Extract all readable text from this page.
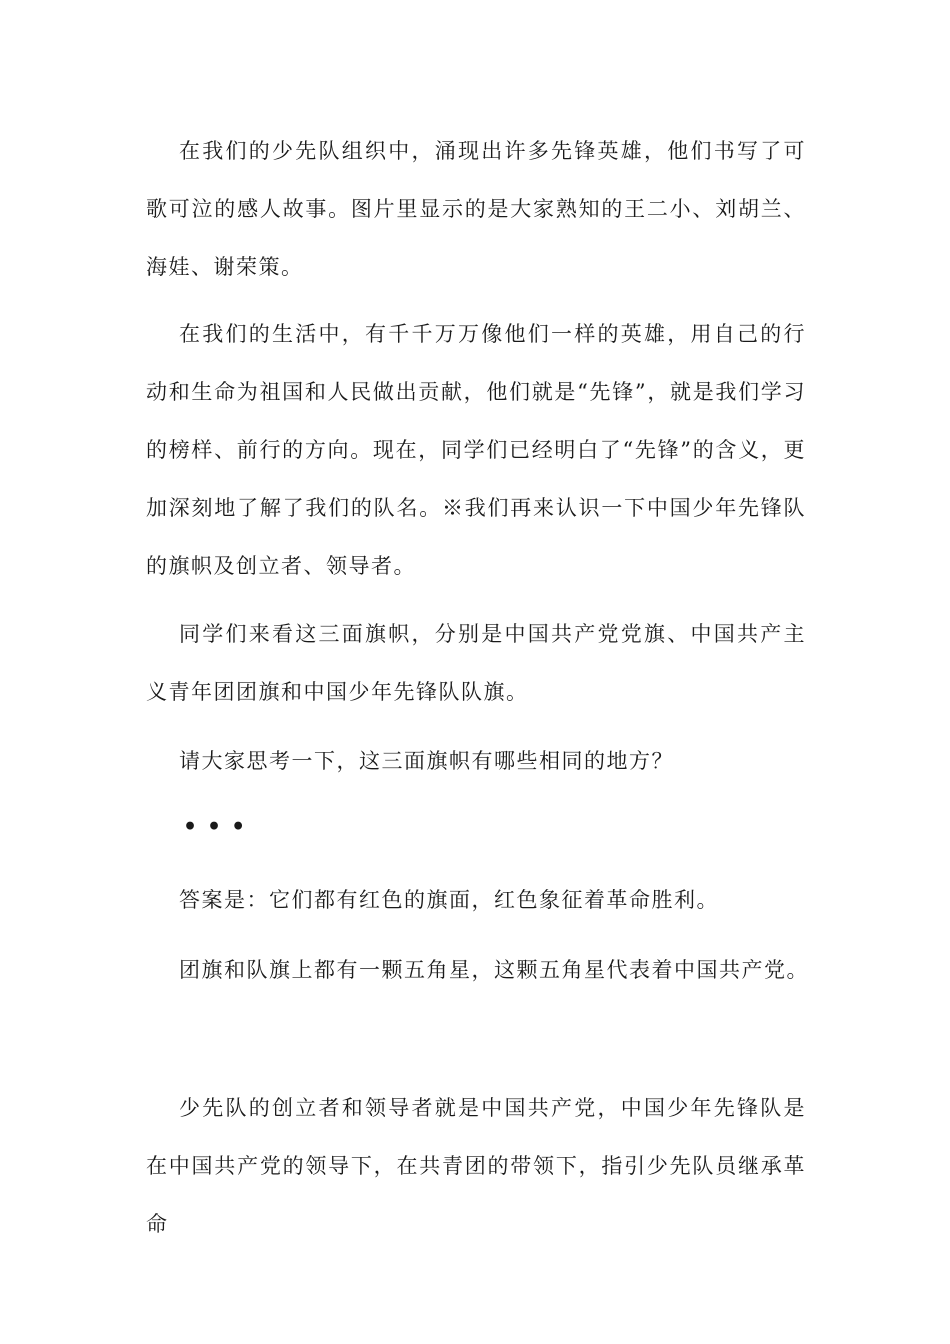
在我们的少先队组织中，涌现出许多先锋英雄，他们书写了可歌可泣的感人故事。图片里显示的是大家熟知的王二小、刘胡兰、海娃、谢荣策。

在我们的生活中，有千千万万像他们一样的英雄，用自己的行动和生命为祖国和人民做出贡献，他们就是“先锋”，就是我们学习的榜样、前行的方向。现在，同学们已经明白了“先锋”的含义，更加深刻地了解了我们的队名。※我们再来认识一下中国少年先锋队的旗帜及创立者、领导者。

同学们来看这三面旗帜，分别是中国共产党党旗、中国共产主义青年团团旗和中国少年先锋队队旗。

请大家思考一下，这三面旗帜有哪些相同的地方？

•••

答案是：它们都有红色的旗面，红色象征着革命胜利。

团旗和队旗上都有一颗五角星，这颗五角星代表着中国共产党。

少先队的创立者和领导者就是中国共产党，中国少年先锋队是在中国共产党的领导下，在共青团的带领下，指引少先队员继承革命
